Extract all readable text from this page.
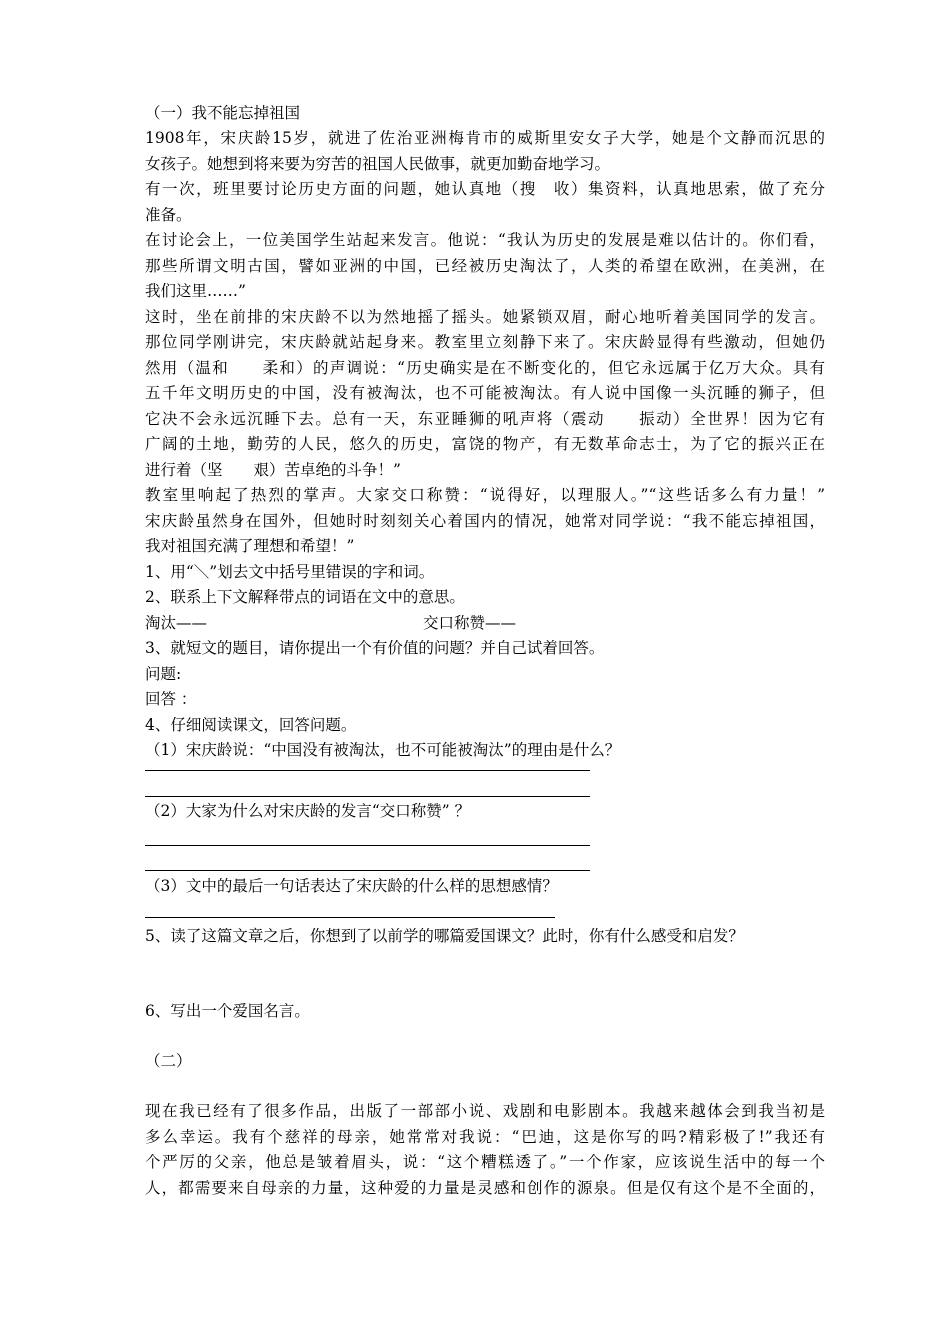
（一）我不能忘掉祖国
1908年，宋庆龄15岁，就进了佐治亚洲梅肯市的威斯里安女子大学，她是个文静而沉思的
女孩子。她想到将来要为穷苦的祖国人民做事，就更加勤奋地学习。
有一次，班里要讨论历史方面的问题，她认真地（搜　收）集资料，认真地思索，做了充分
准备。
在讨论会上，一位美国学生站起来发言。他说：“我认为历史的发展是难以估计的。你们看，
那些所谓文明古国，譬如亚洲的中国，已经被历史淘汰了，人类的希望在欧洲，在美洲，在
我们这里……”
这时，坐在前排的宋庆龄不以为然地摇了摇头。她紧锁双眉，耐心地听着美国同学的发言。
那位同学刚讲完，宋庆龄就站起身来。教室里立刻静下来了。宋庆龄显得有些激动，但她仍
然用（温和　　柔和）的声调说：“历史确实是在不断变化的，但它永远属于亿万大众。具有
五千年文明历史的中国，没有被淘汰，也不可能被淘汰。有人说中国像一头沉睡的狮子，但
它决不会永远沉睡下去。总有一天，东亚睡狮的吼声将（震动　　振动）全世界！因为它有
广阔的土地，勤劳的人民，悠久的历史，富饶的物产，有无数革命志士，为了它的振兴正在
进行着（坚　　艰）苦卓绝的斗争！”
教室里响起了热烈的掌声。大家交口称赞：“说得好，以理服人。”“这些话多么有力量！”
宋庆龄虽然身在国外，但她时时刻刻关心着国内的情况，她常对同学说：“我不能忘掉祖国，
我对祖国充满了理想和希望！”
1、用“＼”划去文中括号里错误的字和词。
2、联系上下文解释带点的词语在文中的意思。
淘汰——	交口称赞——
3、就短文的题目，请你提出一个有价值的问题？并自己试着回答。
问题:
回答 ：
4、仔细阅读课文，回答问题。
（1）宋庆龄说：“中国没有被淘汰，也不可能被淘汰”的理由是什么？
（2）大家为什么对宋庆龄的发言“交口称赞” ？
（3）文中的最后一句话表达了宋庆龄的什么样的思想感情？
5、读了这篇文章之后，你想到了以前学的哪篇爱国课文？此时，你有什么感受和启发？
6、写出一个爱国名言。
（二）
现在我已经有了很多作品，出版了一部部小说、戏剧和电影剧本。我越来越体会到我当初是
多么幸运。我有个慈祥的母亲，她常常对我说：“巴迪，这是你写的吗?精彩极了!”我还有
个严厉的父亲，他总是皱着眉头，说：“这个糟糕透了。”一个作家，应该说生活中的每一个
人，都需要来自母亲的力量，这种爱的力量是灵感和创作的源泉。但是仅有这个是不全面的，
